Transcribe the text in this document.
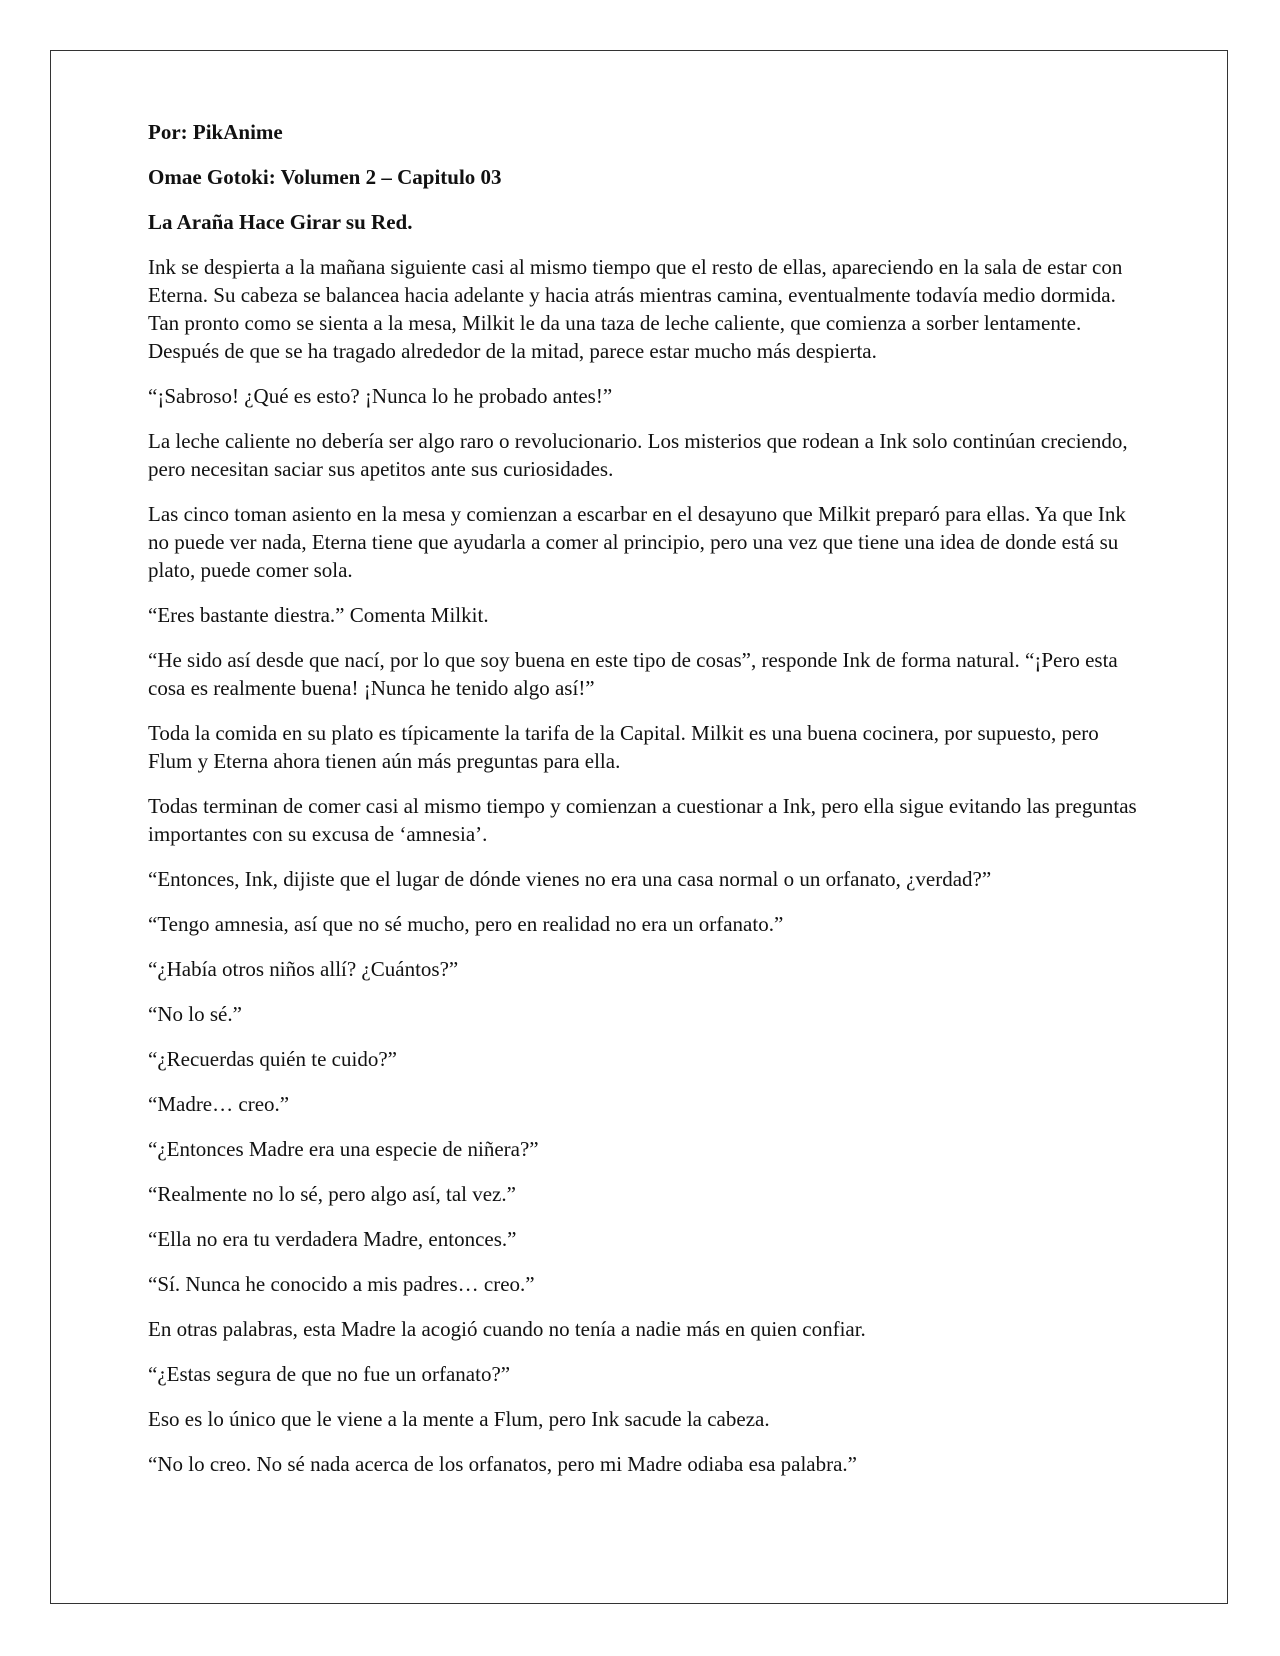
Por: PikAnime

Omae Gotoki: Volumen 2 – Capitulo 03

La Araña Hace Girar su Red.

Ink se despierta a la mañana siguiente casi al mismo tiempo que el resto de ellas, apareciendo en la sala de estar con Eterna. Su cabeza se balancea hacia adelante y hacia atrás mientras camina, eventualmente todavía medio dormida. Tan pronto como se sienta a la mesa, Milkit le da una taza de leche caliente, que comienza a sorber lentamente. Después de que se ha tragado alrededor de la mitad, parece estar mucho más despierta.

“¡Sabroso! ¿Qué es esto? ¡Nunca lo he probado antes!”

La leche caliente no debería ser algo raro o revolucionario. Los misterios que rodean a Ink solo continúan creciendo, pero necesitan saciar sus apetitos ante sus curiosidades.

Las cinco toman asiento en la mesa y comienzan a escarbar en el desayuno que Milkit preparó para ellas. Ya que Ink no puede ver nada, Eterna tiene que ayudarla a comer al principio, pero una vez que tiene una idea de donde está su plato, puede comer sola.

“Eres bastante diestra.” Comenta Milkit.

“He sido así desde que nací, por lo que soy buena en este tipo de cosas”, responde Ink de forma natural. “¡Pero esta cosa es realmente buena! ¡Nunca he tenido algo así!”

Toda la comida en su plato es típicamente la tarifa de la Capital. Milkit es una buena cocinera, por supuesto, pero Flum y Eterna ahora tienen aún más preguntas para ella.

Todas terminan de comer casi al mismo tiempo y comienzan a cuestionar a Ink, pero ella sigue evitando las preguntas importantes con su excusa de ‘amnesia’.

“Entonces, Ink, dijiste que el lugar de dónde vienes no era una casa normal o un orfanato, ¿verdad?”

“Tengo amnesia, así que no sé mucho, pero en realidad no era un orfanato.”

“¿Había otros niños allí? ¿Cuántos?”

“No lo sé.”

“¿Recuerdas quién te cuido?”

“Madre… creo.”

“¿Entonces Madre era una especie de niñera?”

“Realmente no lo sé, pero algo así, tal vez.”

“Ella no era tu verdadera Madre, entonces.”

“Sí. Nunca he conocido a mis padres… creo.”

En otras palabras, esta Madre la acogió cuando no tenía a nadie más en quien confiar.

“¿Estas segura de que no fue un orfanato?”

Eso es lo único que le viene a la mente a Flum, pero Ink sacude la cabeza.

“No lo creo. No sé nada acerca de los orfanatos, pero mi Madre odiaba esa palabra.”
